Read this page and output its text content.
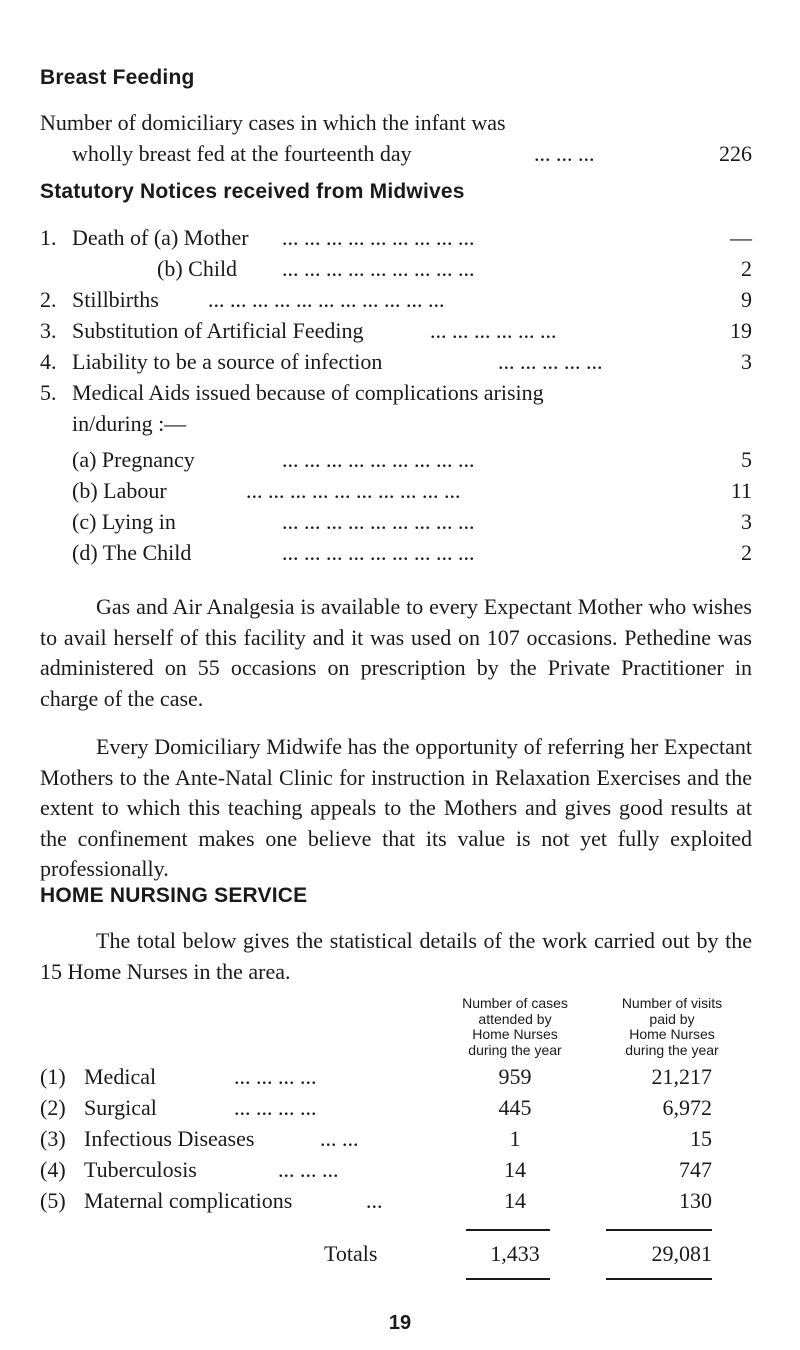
Breast Feeding
Number of domiciliary cases in which the infant was
wholly breast fed at the fourteenth day	... ... ...	226
Statutory Notices received from Midwives
1. Death of (a) Mother ... ... ... ... ... ... ... ... ...	—
(b) Child ... ... ... ... ... ... ... ... ...	2
2. Stillbirths ... ... ... ... ... ... ... ... ... ... ...	9
3. Substitution of Artificial Feeding	... ... ... ... ... ...	19
4. Liability to be a source of infection	... ... ... ... ...	3
5. Medical Aids issued because of complications arising
in/during :—
(a) Pregnancy	... ... ... ... ... ... ... ... ...	5
(b) Labour	... ... ... ... ... ... ... ... ... ...	11
(c) Lying in	... ... ... ... ... ... ... ... ...	3
(d) The Child	... ... ... ... ... ... ... ... ...	2

Gas and Air Analgesia is available to every Expectant Mother who wishes to avail herself of this facility and it was used on 107 occasions. Pethedine was administered on 55 occasions on prescription by the Private Practitioner in charge of the case.

Every Domiciliary Midwife has the opportunity of referring her Expectant Mothers to the Ante-Natal Clinic for instruction in Relaxation Exercises and the extent to which this teaching appeals to the Mothers and gives good results at the confinement makes one believe that its value is not yet fully exploited professionally.

HOME NURSING SERVICE

The total below gives the statistical details of the work carried out by the 15 Home Nurses in the area.

Number of cases
attended by
Home Nurses
during the year
Number of visits
paid by
Home Nurses
during the year
(1) Medical	... ... ... ...	959	21,217
(2) Surgical	... ... ... ...	445	6,972
(3) Infectious Diseases	... ...	1	15
(4) Tuberculosis	... ... ...	14	747
(5) Maternal complications	...	14	130
Totals	1,433	29,081
19
